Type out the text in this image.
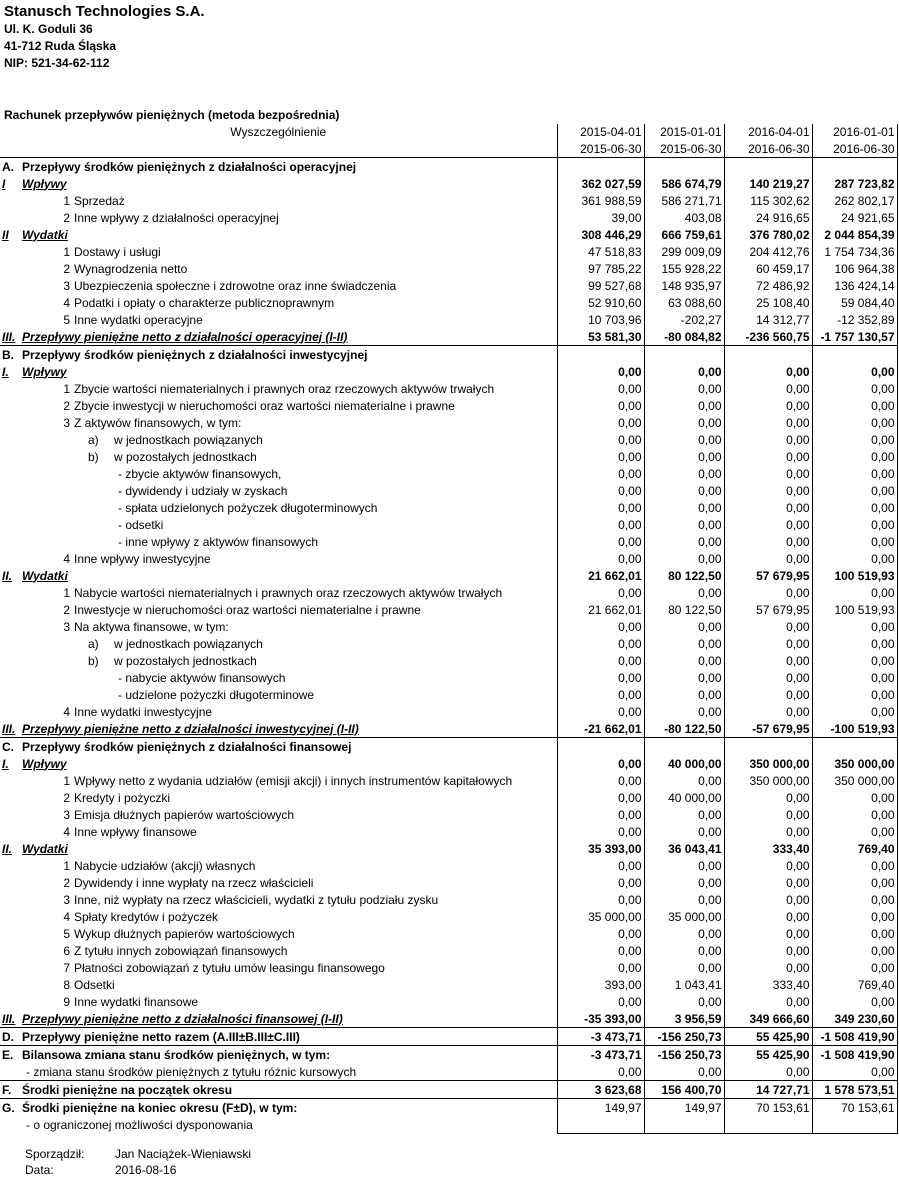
Stanusch Technologies S.A.
Ul. K. Goduli 36
41-712 Ruda Śląska
NIP: 521-34-62-112
Rachunek przepływów pieniężnych (metoda bezpośrednia)
Wyszczególnienie	2015-04-01	2015-01-01	2016-04-01	2016-01-01
	2015-06-30	2015-06-30	2016-06-30	2016-06-30
A. Przepływy środków pieniężnych z działalności operacyjnej				
I Wpływy	362 027,59	586 674,79	140 219,27	287 723,82
1 Sprzedaż	361 988,59	586 271,71	115 302,62	262 802,17
2 Inne wpływy z działalności operacyjnej	39,00	403,08	24 916,65	24 921,65
II Wydatki	308 446,29	666 759,61	376 780,02	2 044 854,39
1 Dostawy i usługi	47 518,83	299 009,09	204 412,76	1 754 734,36
2 Wynagrodzenia netto	97 785,22	155 928,22	60 459,17	106 964,38
3 Ubezpieczenia społeczne i zdrowotne oraz inne świadczenia	99 527,68	148 935,97	72 486,92	136 424,14
4 Podatki i opłaty o charakterze publicznoprawnym	52 910,60	63 088,60	25 108,40	59 084,40
5 Inne wydatki operacyjne	10 703,96	-202,27	14 312,77	-12 352,89
III. Przepływy pieniężne netto z działalności operacyjnej (I-II)	53 581,30	-80 084,82	-236 560,75	-1 757 130,57
B. Przepływy środków pieniężnych z działalności inwestycyjnej				
I. Wpływy	0,00	0,00	0,00	0,00
1 Zbycie wartości niematerialnych i prawnych oraz rzeczowych aktywów trwałych	0,00	0,00	0,00	0,00
2 Zbycie inwestycji w nieruchomości oraz wartości niematerialne i prawne	0,00	0,00	0,00	0,00
3 Z aktywów finansowych, w tym:	0,00	0,00	0,00	0,00
a) w jednostkach powiązanych	0,00	0,00	0,00	0,00
b) w pozostałych jednostkach	0,00	0,00	0,00	0,00
- zbycie aktywów finansowych,	0,00	0,00	0,00	0,00
- dywidendy i udziały w zyskach	0,00	0,00	0,00	0,00
- spłata udzielonych pożyczek długoterminowych	0,00	0,00	0,00	0,00
- odsetki	0,00	0,00	0,00	0,00
- inne wpływy z aktywów finansowych	0,00	0,00	0,00	0,00
4 Inne wpływy inwestycyjne	0,00	0,00	0,00	0,00
II. Wydatki	21 662,01	80 122,50	57 679,95	100 519,93
1 Nabycie wartości niematerialnych i prawnych oraz rzeczowych aktywów trwałych	0,00	0,00	0,00	0,00
2 Inwestycje w nieruchomości oraz wartości niematerialne i prawne	21 662,01	80 122,50	57 679,95	100 519,93
3 Na aktywa finansowe, w tym:	0,00	0,00	0,00	0,00
a) w jednostkach powiązanych	0,00	0,00	0,00	0,00
b) w pozostałych jednostkach	0,00	0,00	0,00	0,00
- nabycie aktywów finansowych	0,00	0,00	0,00	0,00
- udzielone pożyczki długoterminowe	0,00	0,00	0,00	0,00
4 Inne wydatki inwestycyjne	0,00	0,00	0,00	0,00
III. Przepływy pieniężne netto z działalności inwestycyjnej (I-II)	-21 662,01	-80 122,50	-57 679,95	-100 519,93
C. Przepływy środków pieniężnych z działalności finansowej				
I. Wpływy	0,00	40 000,00	350 000,00	350 000,00
1 Wpływy netto z wydania udziałów (emisji akcji) i innych instrumentów kapitałowych	0,00	0,00	350 000,00	350 000,00
2 Kredyty i pożyczki	0,00	40 000,00	0,00	0,00
3 Emisja dłużnych papierów wartościowych	0,00	0,00	0,00	0,00
4 Inne wpływy finansowe	0,00	0,00	0,00	0,00
II. Wydatki	35 393,00	36 043,41	333,40	769,40
1 Nabycie udziałów (akcji) własnych	0,00	0,00	0,00	0,00
2 Dywidendy i inne wypłaty na rzecz właścicieli	0,00	0,00	0,00	0,00
3 Inne, niż wypłaty na rzecz właścicieli, wydatki z tytułu podziału zysku	0,00	0,00	0,00	0,00
4 Spłaty kredytów i pożyczek	35 000,00	35 000,00	0,00	0,00
5 Wykup dłużnych papierów wartościowych	0,00	0,00	0,00	0,00
6 Z tytułu innych zobowiązań finansowych	0,00	0,00	0,00	0,00
7 Płatności zobowiązań z tytułu umów leasingu finansowego	0,00	0,00	0,00	0,00
8 Odsetki	393,00	1 043,41	333,40	769,40
9 Inne wydatki finansowe	0,00	0,00	0,00	0,00
III. Przepływy pieniężne netto z działalności finansowej (I-II)	-35 393,00	3 956,59	349 666,60	349 230,60
D. Przepływy pieniężne netto razem (A.III±B.III±C.III)	-3 473,71	-156 250,73	55 425,90	-1 508 419,90
E. Bilansowa zmiana stanu środków pieniężnych, w tym:	-3 473,71	-156 250,73	55 425,90	-1 508 419,90
- zmiana stanu środków pieniężnych z tytułu różnic kursowych	0,00	0,00	0,00	0,00
F. Środki pieniężne na początek okresu	3 623,68	156 400,70	14 727,71	1 578 573,51
G. Środki pieniężne na koniec okresu (F±D), w tym:	149,97	149,97	70 153,61	70 153,61
- o ograniczonej możliwości dysponowania				
Sporządził:	Jan Naciążek-Wieniawski
Data:	2016-08-16
